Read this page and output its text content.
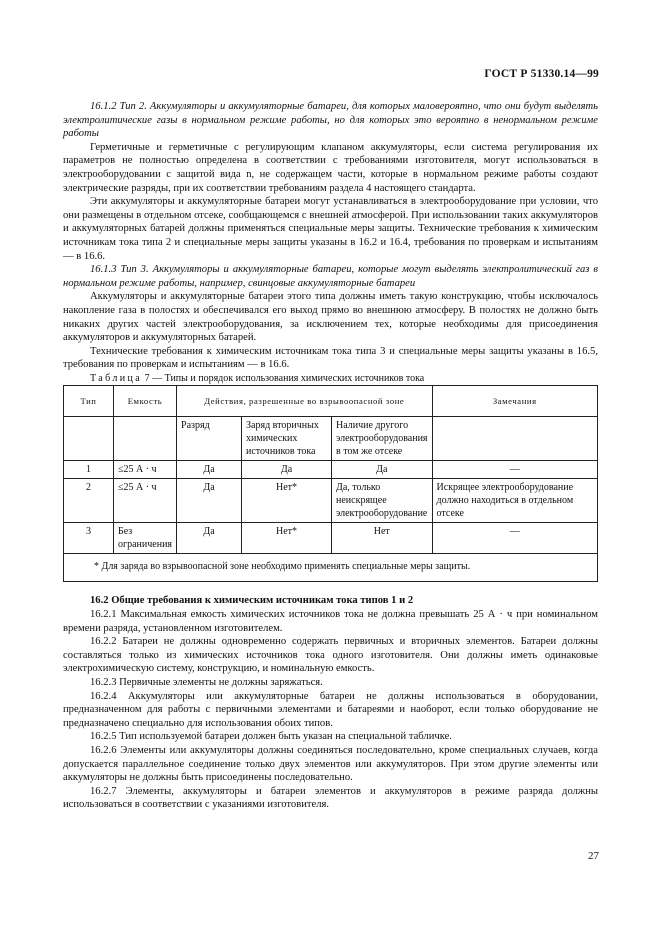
ГОСТ Р 51330.14—99

16.1.2 Тип 2. Аккумуляторы и аккумуляторные батареи, для которых маловероятно, что они будут выделять электролитические газы в нормальном режиме работы, но для которых это вероятно в ненормальном режиме работы

Герметичные и герметичные с регулирующим клапаном аккумуляторы, если система регулирования их параметров не полностью определена в соответствии с требованиями изготовителя, могут использоваться в электрооборудовании с защитой вида n, не содержащем части, которые в нормальном режиме работы создают электрические разряды, при их соответствии требованиям раздела 4 настоящего стандарта.

Эти аккумуляторы и аккумуляторные батареи могут устанавливаться в электрооборудование при условии, что они размещены в отдельном отсеке, сообщающемся с внешней атмосферой. При использовании таких аккумуляторов и аккумуляторных батарей должны применяться специальные меры защиты. Технические требования к химическим источникам тока типа 2 и специальные меры защиты указаны в 16.2 и 16.4, требования по проверкам и испытаниям — в 16.6.

16.1.3 Тип 3. Аккумуляторы и аккумуляторные батареи, которые могут выделять электролитический газ в нормальном режиме работы, например, свинцовые аккумуляторные батареи

Аккумуляторы и аккумуляторные батареи этого типа должны иметь такую конструкцию, чтобы исключалось накопление газа в полостях и обеспечивался его выход прямо во внешнюю атмосферу. В полостях не должно быть никаких других частей электрооборудования, за исключением тех, которые необходимы для присоединения аккумуляторов и аккумуляторных батарей.

Технические требования к химическим источникам тока типа 3 и специальные меры защиты указаны в 16.5, требования по проверкам и испытаниям — в 16.6.

Таблица 7 — Типы и порядок использования химических источников тока

Тип	Емкость	Действия, разрешенные во взрывоопасной зоне			Замечания
		Разряд	Заряд вторичных химических источников тока	Наличие другого электрооборудования в том же отсеке	
1	≤25 А · ч	Да	Да	Да	—
2	≤25 А · ч	Да	Нет*	Да, только неискрящее электрооборудование	Искрящее электрооборудование должно находиться в отдельном отсеке
3	Без ограничения	Да	Нет*	Нет	—
* Для заряда во взрывоопасной зоне необходимо применять специальные меры защиты.					

16.2 Общие требования к химическим источникам тока типов 1 и 2

16.2.1 Максимальная емкость химических источников тока не должна превышать 25 А · ч при номинальном времени разряда, установленном изготовителем.

16.2.2 Батареи не должны одновременно содержать первичных и вторичных элементов. Батареи должны составляться только из химических источников тока одного изготовителя. Они должны иметь одинаковые электрохимическую систему, конструкцию, и номинальную емкость.

16.2.3 Первичные элементы не должны заряжаться.

16.2.4 Аккумуляторы или аккумуляторные батареи не должны использоваться в оборудовании, предназначенном для работы с первичными элементами и батареями и наоборот, если только оборудование не предназначено специально для использования обоих типов.

16.2.5 Тип используемой батареи должен быть указан на специальной табличке.

16.2.6 Элементы или аккумуляторы должны соединяться последовательно, кроме специальных случаев, когда допускается параллельное соединение только двух элементов или аккумуляторов. При этом другие элементы или аккумуляторы не должны быть присоединены последовательно.

16.2.7 Элементы, аккумуляторы и батареи элементов и аккумуляторов в режиме разряда должны использоваться в соответствии с указаниями изготовителя.

27
